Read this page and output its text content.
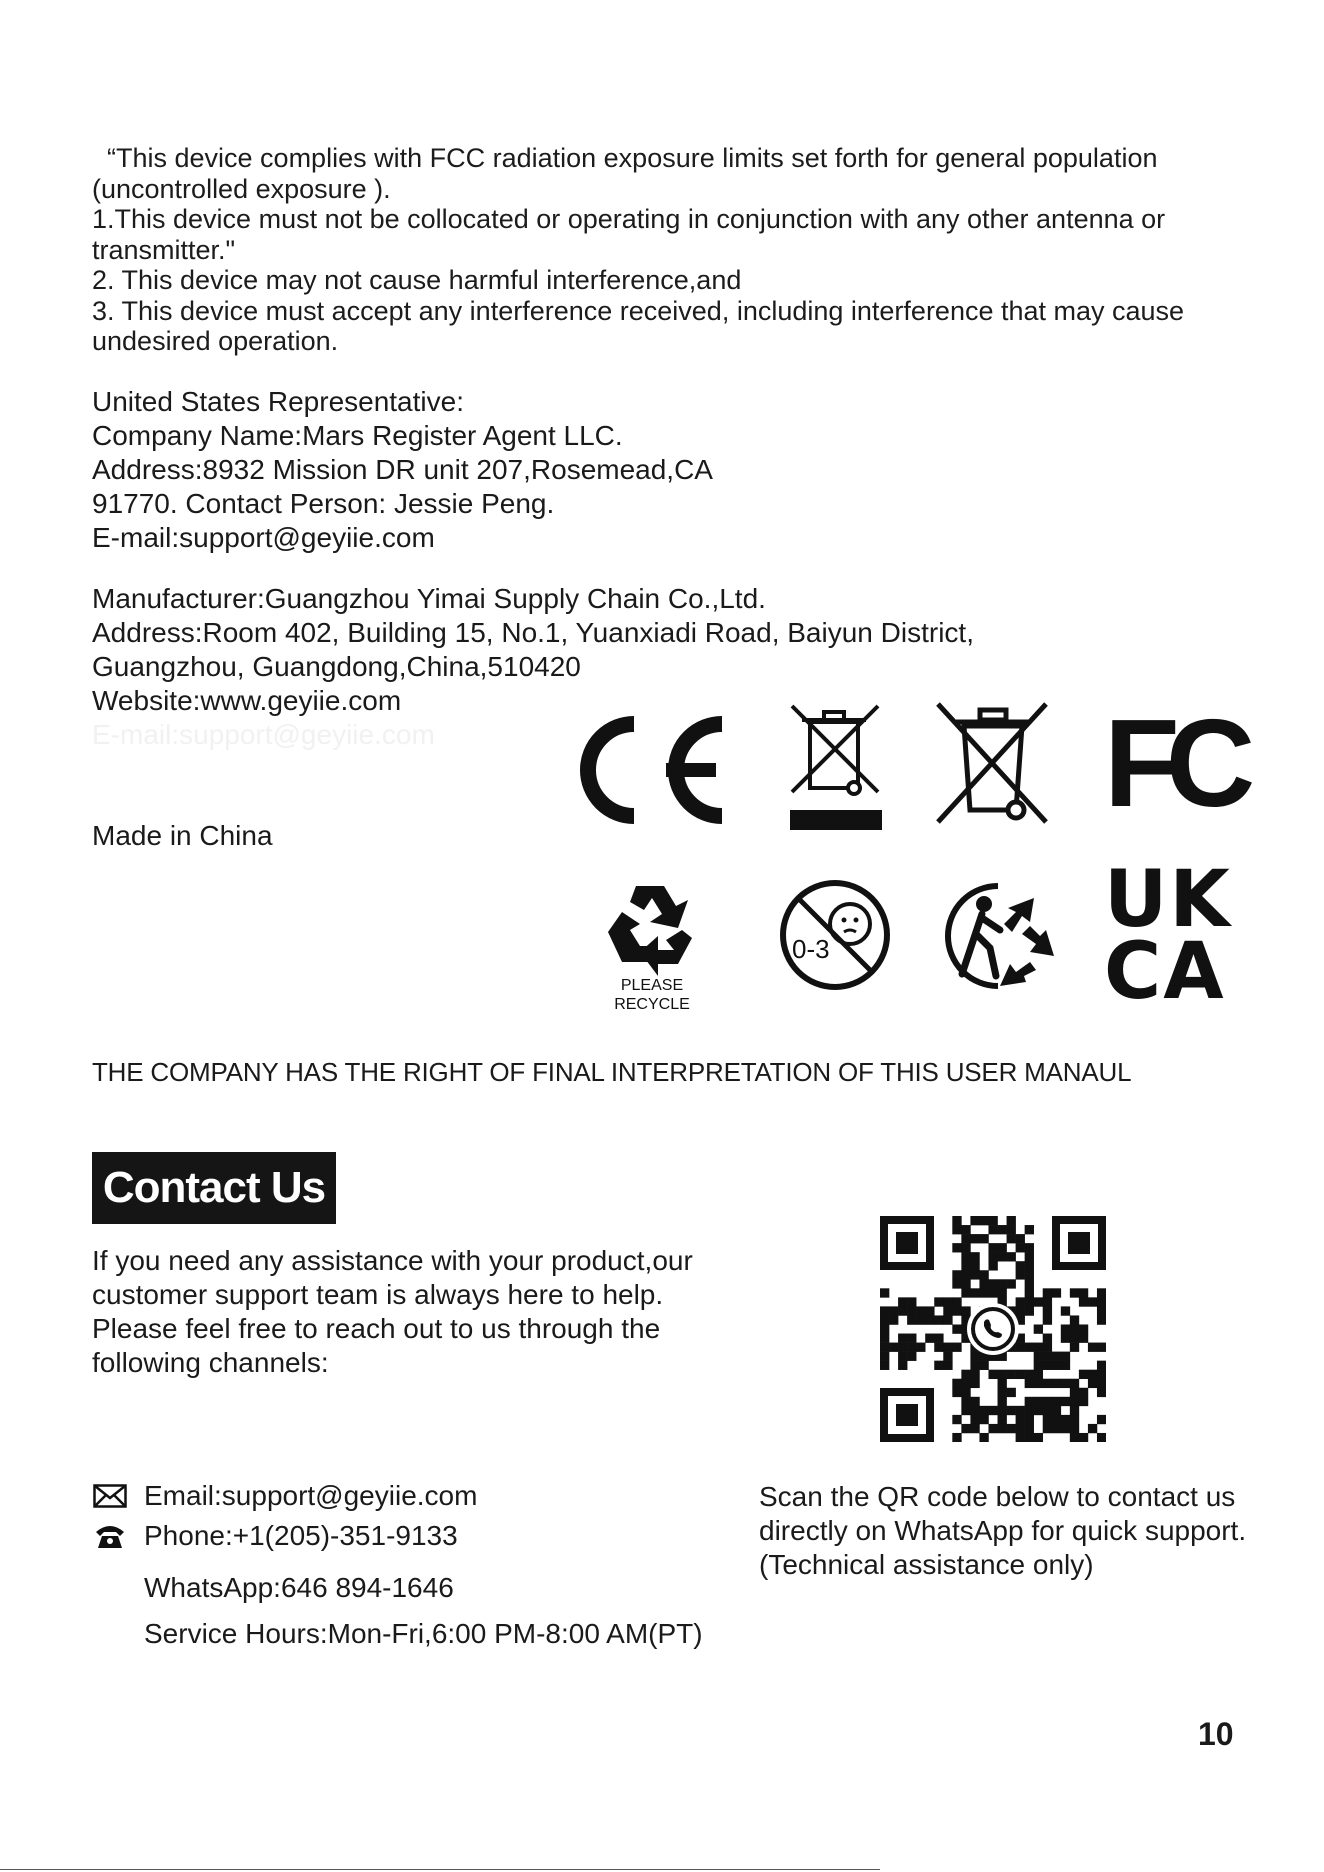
“This device complies with FCC radiation exposure limits set forth for general population
(uncontrolled exposure ).
1.This device must not be collocated or operating in conjunction with any other antenna or
transmitter."
2. This device may not cause harmful interference,and
3. This device must accept any interference received, including interference that may cause
undesired operation.
United States Representative:
Company Name:Mars Register Agent LLC.
Address:8932 Mission DR unit 207,Rosemead,CA
91770. Contact Person: Jessie Peng.
E-mail:support@geyiie.com
Manufacturer:Guangzhou Yimai Supply Chain Co.,Ltd.
Address:Room 402, Building 15, No.1, Yuanxiadi Road, Baiyun District,
Guangzhou, Guangdong,China,510420
Website:www.geyiie.com
E-mail:support@geyiie.com
Made in China
FC
PLEASE
RECYCLE
0-3
UK
CA
THE COMPANY HAS THE RIGHT OF FINAL INTERPRETATION OF THIS USER MANAUL
Contact Us
If you need any assistance with your product,our
customer support team is always here to help.
Please feel free to reach out to us through the
following channels:
Email:support@geyiie.com
Phone:+1(205)-351-9133
WhatsApp:646 894-1646
Service Hours:Mon-Fri,6:00 PM-8:00 AM(PT)
Scan the QR code below to contact us
directly on WhatsApp for quick support.
(Technical assistance only)
10
